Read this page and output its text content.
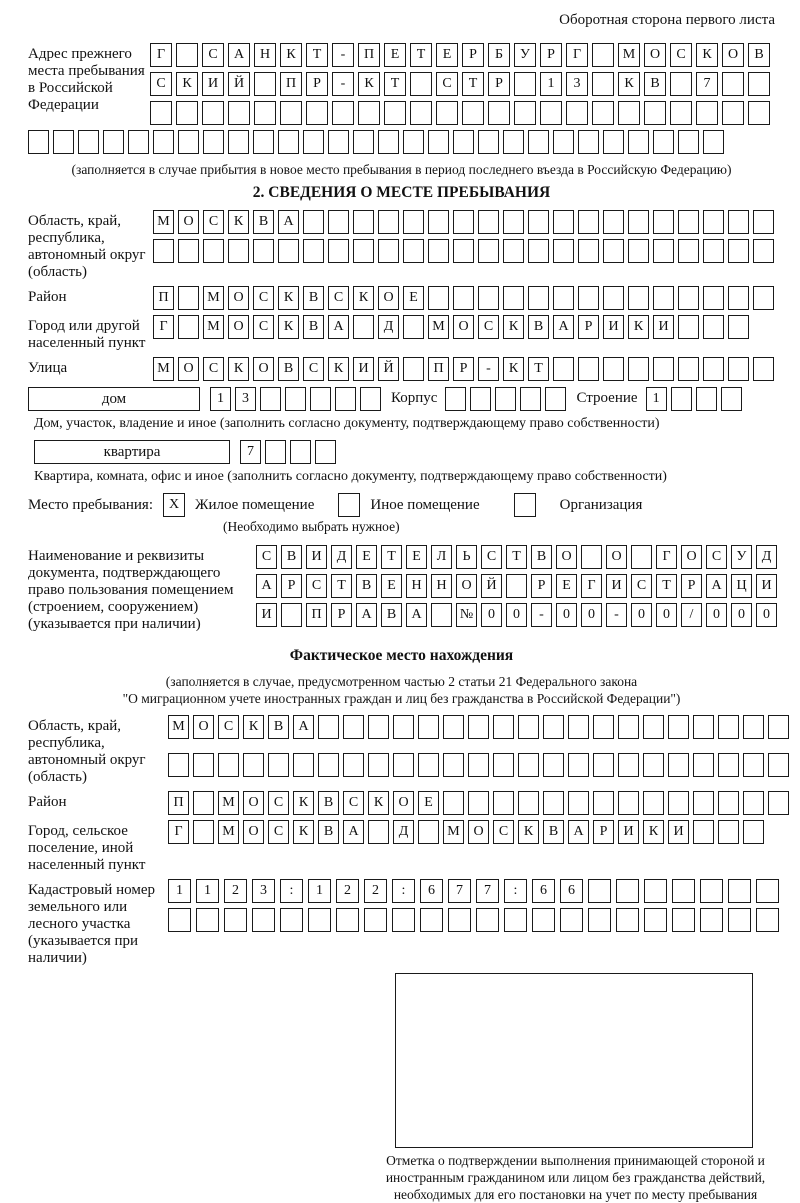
Оборотная сторона первого листа
Адрес прежнего места пребывания в Российской Федерации
Г	С	А	Н	К	Т	-	П	Е	Т	Е	Р	Б	У	Р	Г	М	О	С	К	О	В
С	К	И	Й	П	Р	-	К	Т	С	Т	Р	1	3	К	В	7
(заполняется в случае прибытия в новое место пребывания в период последнего въезда в Российскую Федерацию)
2. СВЕДЕНИЯ О МЕСТЕ ПРЕБЫВАНИЯ
Область, край, республика, автономный округ (область)
М О	С	К	В	А
Район	П	М О	С	К	В	С	К	О	Е
Город или другой населенный пункт
Г	М О	С	К	В	А	Д	М О	С	К	В	А	Р	И	К	И
Улица	М О	С	К	О	В	С	К	И	Й	П	Р	-	К	Т
дом	1	3	Корпус	Строение	1
Дом, участок, владение и иное (заполнить согласно документу, подтверждающему право собственности)
квартира	7
Квартира, комната, офис и иное (заполнить согласно документу, подтверждающему право собственности)
Место пребывания:	X	Жилое помещение	Иное помещение	Организация
(Необходимо выбрать нужное)
Наименование и реквизиты документа, подтверждающего право пользования помещением (строением, сооружением) (указывается при наличии)
С	В	И	Д	Е	Т	Е	Л	Ь	С	Т	В	О	О	Г	О	С	У	Д
А	Р	С	Т	В	Е	Н	Н	О	Й	Р	Е	Г	И	С	Т	Р	А	Ц	И
И	П	Р	А	В	А	№	0	0	-	0	0	-	0	0	/	0	0	0
Фактическое место нахождения
(заполняется в случае, предусмотренном частью 2 статьи 21 Федерального закона
"О миграционном учете иностранных граждан и лиц без гражданства в Российской Федерации")
Область, край, республика, автономный округ (область)
М О	С	К	В	А
Район	П	М О	С	К	В	С	К	О	Е
Город, сельское поселение, иной населенный пункт
Г	М О	С	К	В	А	Д	М О	С	К	В	А	Р	И	К	И
Кадастровый номер земельного или лесного участка (указывается при наличии)
1	1	2	3	:	1	2	2	:	6	7	7	:	6	6
Отметка о подтверждении выполнения принимающей стороной и иностранным гражданином или лицом без гражданства действий, необходимых для его постановки на учет по месту пребывания
